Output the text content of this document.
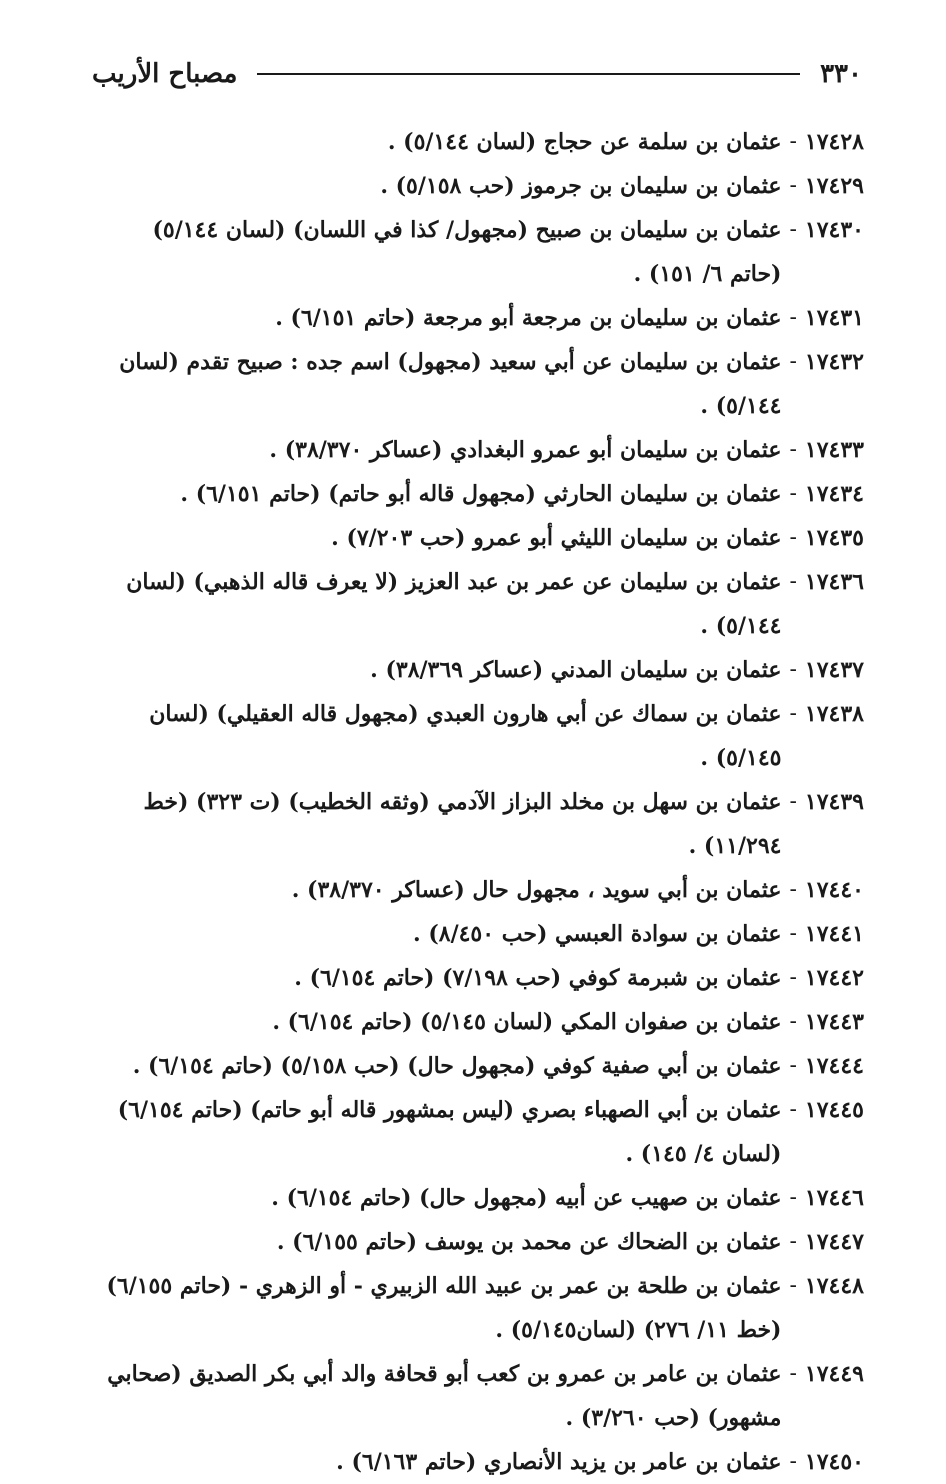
٣٣٠
مصباح الأريب

١٧٤٢٨
-
عثمان بن سلمة عن حجاج (لسان ٥/١٤٤) .

١٧٤٢٩
-
عثمان بن سليمان بن جرموز (حب ٥/١٥٨) .

١٧٤٣٠
-
عثمان بن سليمان بن صبيح (مجهول/ كذا في اللسان) (لسان ٥/١٤٤) (حاتم ٦/ ١٥١) .

١٧٤٣١
-
عثمان بن سليمان بن مرجعة أبو مرجعة (حاتم ٦/١٥١) .

١٧٤٣٢
-
عثمان بن سليمان عن أبي سعيد (مجهول) اسم جده : صبيح تقدم (لسان ٥/١٤٤) .

١٧٤٣٣
-
عثمان بن سليمان أبو عمرو البغدادي (عساكر ٣٨/٣٧٠) .

١٧٤٣٤
-
عثمان بن سليمان الحارثي (مجهول قاله أبو حاتم) (حاتم ٦/١٥١) .

١٧٤٣٥
-
عثمان بن سليمان الليثي أبو عمرو (حب ٧/٢٠٣) .

١٧٤٣٦
-
عثمان بن سليمان عن عمر بن عبد العزيز (لا يعرف قاله الذهبي) (لسان ٥/١٤٤) .

١٧٤٣٧
-
عثمان بن سليمان المدني (عساكر ٣٨/٣٦٩) .

١٧٤٣٨
-
عثمان بن سماك عن أبي هارون العبدي (مجهول قاله العقيلي) (لسان ٥/١٤٥) .

١٧٤٣٩
-
عثمان بن سهل بن مخلد البزاز الآدمي (وثقه الخطيب) (ت ٣٢٣) (خط ١١/٢٩٤) .

١٧٤٤٠
-
عثمان بن أبي سويد ، مجهول حال (عساكر ٣٨/٣٧٠) .

١٧٤٤١
-
عثمان بن سوادة العبسي (حب ٨/٤٥٠) .

١٧٤٤٢
-
عثمان بن شبرمة كوفي (حب ٧/١٩٨) (حاتم ٦/١٥٤) .

١٧٤٤٣
-
عثمان بن صفوان المكي (لسان ٥/١٤٥) (حاتم ٦/١٥٤) .

١٧٤٤٤
-
عثمان بن أبي صفية كوفي (مجهول حال) (حب ٥/١٥٨) (حاتم ٦/١٥٤) .

١٧٤٤٥
-
عثمان بن أبي الصهباء بصري (ليس بمشهور قاله أبو حاتم) (حاتم ٦/١٥٤) (لسان ٤/ ١٤٥) .

١٧٤٤٦
-
عثمان بن صهيب عن أبيه (مجهول حال) (حاتم ٦/١٥٤) .

١٧٤٤٧
-
عثمان بن الضحاك عن محمد بن يوسف (حاتم ٦/١٥٥) .

١٧٤٤٨
-
عثمان بن طلحة بن عمر بن عبيد الله الزبيري - أو الزهري - (حاتم ٦/١٥٥) (خط ١١/ ٢٧٦) (لسان٥/١٤٥) .

١٧٤٤٩
-
عثمان بن عامر بن عمرو بن كعب أبو قحافة والد أبي بكر الصديق (صحابي مشهور) (حب ٣/٢٦٠) .

١٧٤٥٠
-
عثمان بن عامر بن يزيد الأنصاري (حاتم ٦/١٦٣) .
